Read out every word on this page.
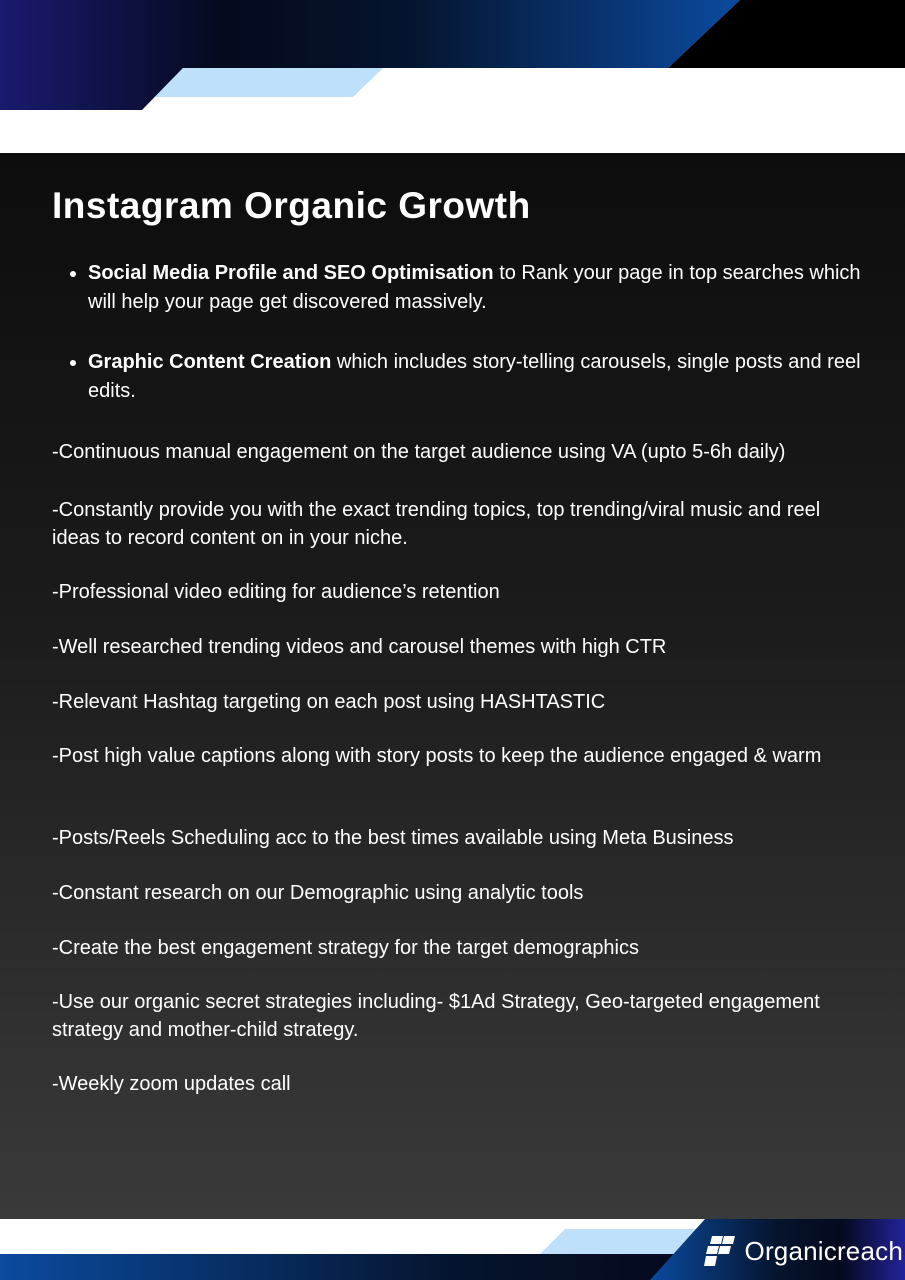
Instagram Organic Growth
• Social Media Profile and SEO Optimisation to Rank your page in top searches which will help your page get discovered massively.
• Graphic Content Creation which includes story-telling carousels, single posts and reel edits.

-Continuous manual engagement on the target audience using VA (upto 5-6h daily)

-Constantly provide you with the exact trending topics, top trending/viral music and reel ideas to record content on in your niche.

-Professional video editing for audience’s retention

-Well researched trending videos and carousel themes with high CTR

-Relevant Hashtag targeting on each post using HASHTASTIC

-Post high value captions along with story posts to keep the audience engaged & warm

-Posts/Reels Scheduling acc to the best times available using Meta Business

-Constant research on our Demographic using analytic tools

-Create the best engagement strategy for the target demographics

-Use our organic secret strategies including- $1Ad Strategy, Geo-targeted engagement strategy and mother-child strategy.

-Weekly zoom updates call

Organicreach
